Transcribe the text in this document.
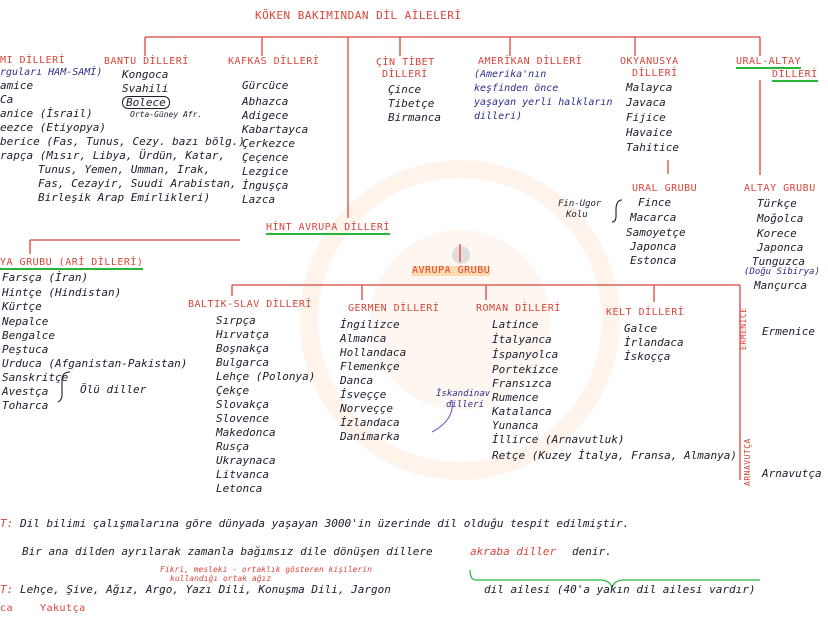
KÖKEN BAKIMINDAN DİL AİLELERİ
MI DİLLERİ
rguları HAM-SAMİ)
amice
Ca
anice (İsrail)
eezce (Etiyopya)
berice (Fas, Tunus, Cezy. bazı bölg.)
rapça (Mısır, Libya, Ürdün, Katar,
Tunus, Yemen, Umman, Irak,
Fas, Cezayir, Suudi Arabistan,
Birleşik Arap Emirlikleri)
BANTU DİLLERİ
Kongoca
Svahili
Bolece
Orta-Güney Afr.
KAFKAS DİLLERİ
Gürcüce
Abhazca
Adigece
Kabartayca
Çerkezce
Çeçence
Lezgice
İnguşça
Lazca
ÇİN TİBET
DİLLERİ
Çince
Tibetçe
Birmanca
AMERİKAN DİLLERİ
(Amerika'nın
keşfinden önce
yaşayan yerli halkların
dilleri)
OKYANUSYA
DİLLERİ
Malayca
Javaca
Fijice
Havaice
Tahitice
URAL-ALTAY
DİLLERİ
URAL GRUBU
Fin-Ugor
Kolu
Fince
Macarca
Samoyetçe
Japonca
Estonca
ALTAY GRUBU
Türkçe
Moğolca
Korece
Japonca
Tunguzca
(Doğu Sibirya)
Mançurca
HİNT AVRUPA DİLLERİ
YA GRUBU (ARİ DİLLERİ)
Farsça (İran)
Hintçe (Hindistan)
Kürtçe
Nepalce
Bengalce
Peştuca
Urduca (Afganistan-Pakistan)
Sanskritçe
Avestça
Toharca
Ölü diller
AVRUPA GRUBU
BALTIK-SLAV DİLLERİ
Sırpça
Hırvatça
Boşnakça
Bulgarca
Lehçe (Polonya)
Çekçe
Slovakça
Slovence
Makedonca
Rusça
Ukraynaca
Litvanca
Letonca
GERMEN DİLLERİ
İngilizce
Almanca
Hollandaca
Flemenkçe
Danca
İsveççe
Norveççe
İzlandaca
Danimarka
İskandinav
dilleri
ROMAN DİLLERİ
Latince
İtalyanca
İspanyolca
Portekizce
Fransızca
Rumence
Katalanca
Yunanca
İllirce (Arnavutluk)
Retçe (Kuzey İtalya, Fransa, Almanya)
KELT DİLLERİ
Galce
İrlandaca
İskoçça
ERMENİCE Ermenice
ARNAVUTÇA Arnavutça
T: Dil bilimi çalışmalarına göre dünyada yaşayan 3000'in üzerinde dil olduğu tespit edilmiştir.
Bir ana dilden ayrılarak zamanla bağımsız dile dönüşen dillere	akraba diller denir.
dil ailesi (40'a yakın dil ailesi vardır)
Fikri, mesleki - ortaklık gösteren kişilerin
kullandığı ortak ağız
T: Lehçe, Şive, Ağız, Argo, Yazı Dili, Konuşma Dili, Jargon
ca	Yakutça
